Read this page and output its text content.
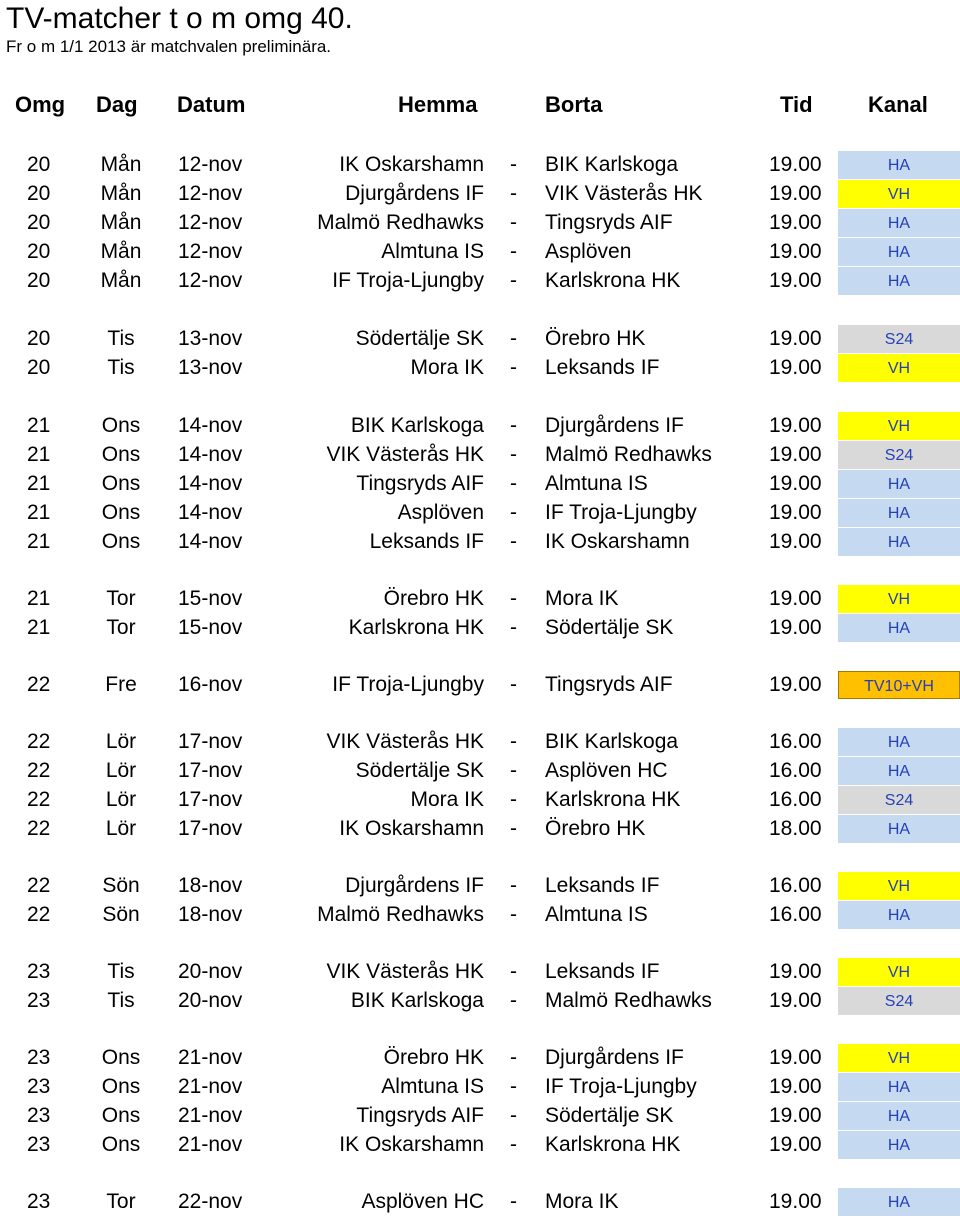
TV-matcher t o m omg 40.
Fr o m 1/1 2013 är matchvalen preliminära.
Omg Dag Datum	Hemma	Borta	Tid	Kanal
20 Mån 12-nov	IK Oskarshamn - BIK Karlskoga	19.00	HA
20 Mån 12-nov	Djurgårdens IF - VIK Västerås HK	19.00	VH
20 Mån 12-nov	Malmö Redhawks - Tingsryds AIF	19.00	HA
20 Mån 12-nov	Almtuna IS - Asplöven	19.00	HA
20 Mån 12-nov	IF Troja-Ljungby - Karlskrona HK	19.00	HA
20	Tis	13-nov	Södertälje SK - Örebro HK	19.00	S24
20	Tis	13-nov	Mora IK - Leksands IF	19.00	VH
21 Ons 14-nov	BIK Karlskoga - Djurgårdens IF	19.00	VH
21 Ons 14-nov	VIK Västerås HK - Malmö Redhawks	19.00	S24
21 Ons 14-nov	Tingsryds AIF - Almtuna IS	19.00	HA
21 Ons 14-nov	Asplöven - IF Troja-Ljungby	19.00	HA
21 Ons 14-nov	Leksands IF - IK Oskarshamn	19.00	HA
21	Tor	15-nov	Örebro HK - Mora IK	19.00	VH
21	Tor	15-nov	Karlskrona HK - Södertälje SK	19.00	HA
22	Fre	16-nov	IF Troja-Ljungby - Tingsryds AIF	19.00	TV10+VH
22	Lör	17-nov	VIK Västerås HK - BIK Karlskoga	16.00	HA
22	Lör	17-nov	Södertälje SK - Asplöven HC	16.00	HA
22	Lör	17-nov	Mora IK - Karlskrona HK	16.00	S24
22	Lör	17-nov	IK Oskarshamn - Örebro HK	18.00	HA
22	Sön	18-nov	Djurgårdens IF - Leksands IF	16.00	VH
22	Sön	18-nov	Malmö Redhawks - Almtuna IS	16.00	HA
23	Tis	20-nov	VIK Västerås HK - Leksands IF	19.00	VH
23	Tis	20-nov	BIK Karlskoga - Malmö Redhawks	19.00	S24
23 Ons 21-nov	Örebro HK - Djurgårdens IF	19.00	VH
23 Ons 21-nov	Almtuna IS - IF Troja-Ljungby	19.00	HA
23 Ons 21-nov	Tingsryds AIF - Södertälje SK	19.00	HA
23 Ons 21-nov	IK Oskarshamn - Karlskrona HK	19.00	HA
23	Tor	22-nov	Asplöven HC - Mora IK	19.00	HA
